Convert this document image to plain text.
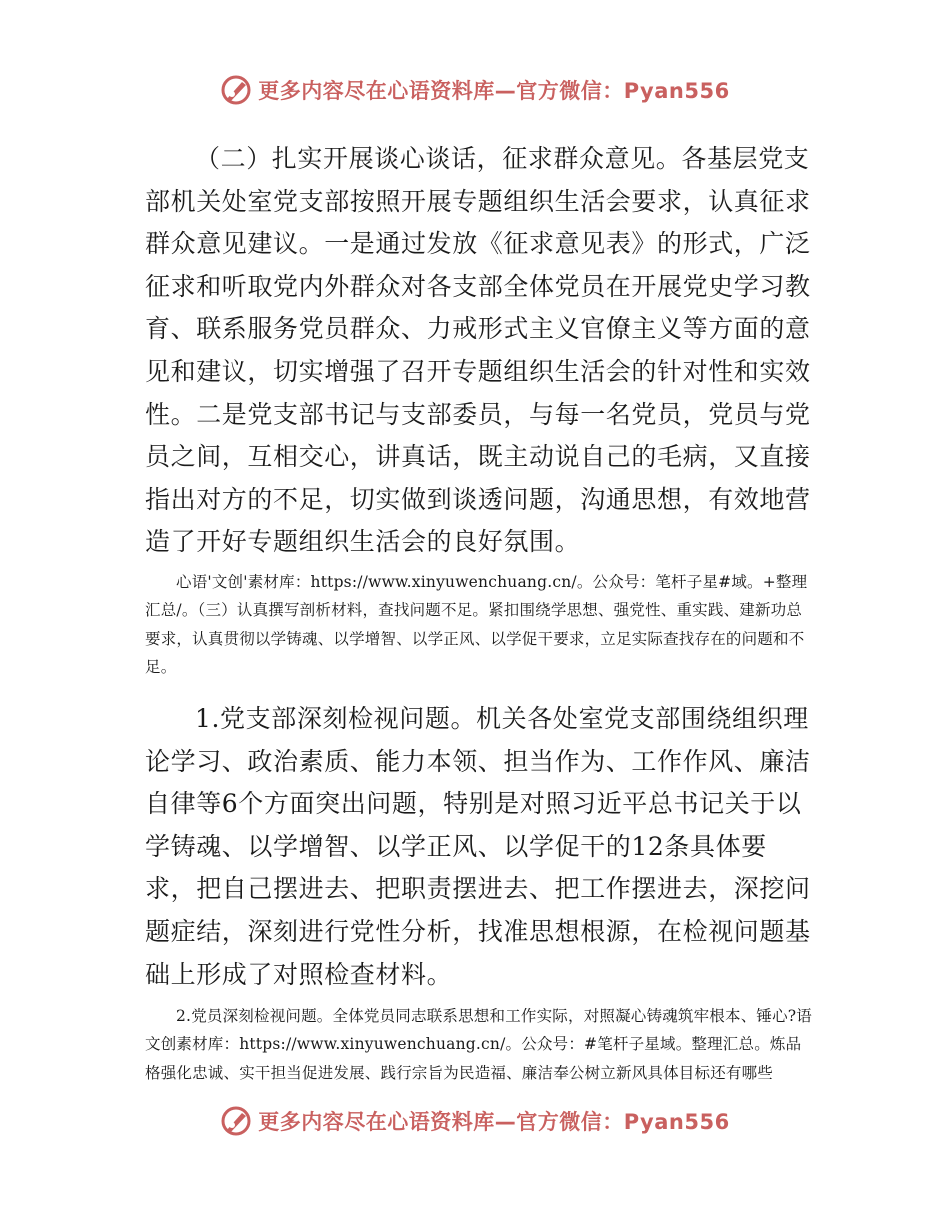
更多内容尽在心语资料库—官方微信：Pyan556

（二）扎实开展谈心谈话，征求群众意见。各基层党支部机关处室党支部按照开展专题组织生活会要求，认真征求群众意见建议。一是通过发放《征求意见表》的形式，广泛征求和听取党内外群众对各支部全体党员在开展党史学习教育、联系服务党员群众、力戒形式主义官僚主义等方面的意见和建议，切实增强了召开专题组织生活会的针对性和实效性。二是党支部书记与支部委员，与每一名党员，党员与党员之间，互相交心，讲真话，既主动说自己的毛病，又直接指出对方的不足，切实做到谈透问题，沟通思想，有效地营造了开好专题组织生活会的良好氛围。

心语'文创'素材库：https://www.xinyuwenchuang.cn/。公众号：笔杆子星#域。+整理汇总/。（三）认真撰写剖析材料，查找问题不足。紧扣围绕学思想、强党性、重实践、建新功总要求，认真贯彻以学铸魂、以学增智、以学正风、以学促干要求，立足实际查找存在的问题和不足。

1.党支部深刻检视问题。机关各处室党支部围绕组织理论学习、政治素质、能力本领、担当作为、工作作风、廉洁自律等6个方面突出问题，特别是对照习近平总书记关于以学铸魂、以学增智、以学正风、以学促干的12条具体要求，把自己摆进去、把职责摆进去、把工作摆进去，深挖问题症结，深刻进行党性分析，找准思想根源，在检视问题基础上形成了对照检查材料。

2.党员深刻检视问题。全体党员同志联系思想和工作实际，对照凝心铸魂筑牢根本、锤心?语文创素材库：https://www.xinyuwenchuang.cn/。公众号：#笔杆子星域。整理汇总。炼品格强化忠诚、实干担当促进发展、践行宗旨为民造福、廉洁奉公树立新风具体目标还有哪些

更多内容尽在心语资料库—官方微信：Pyan556
